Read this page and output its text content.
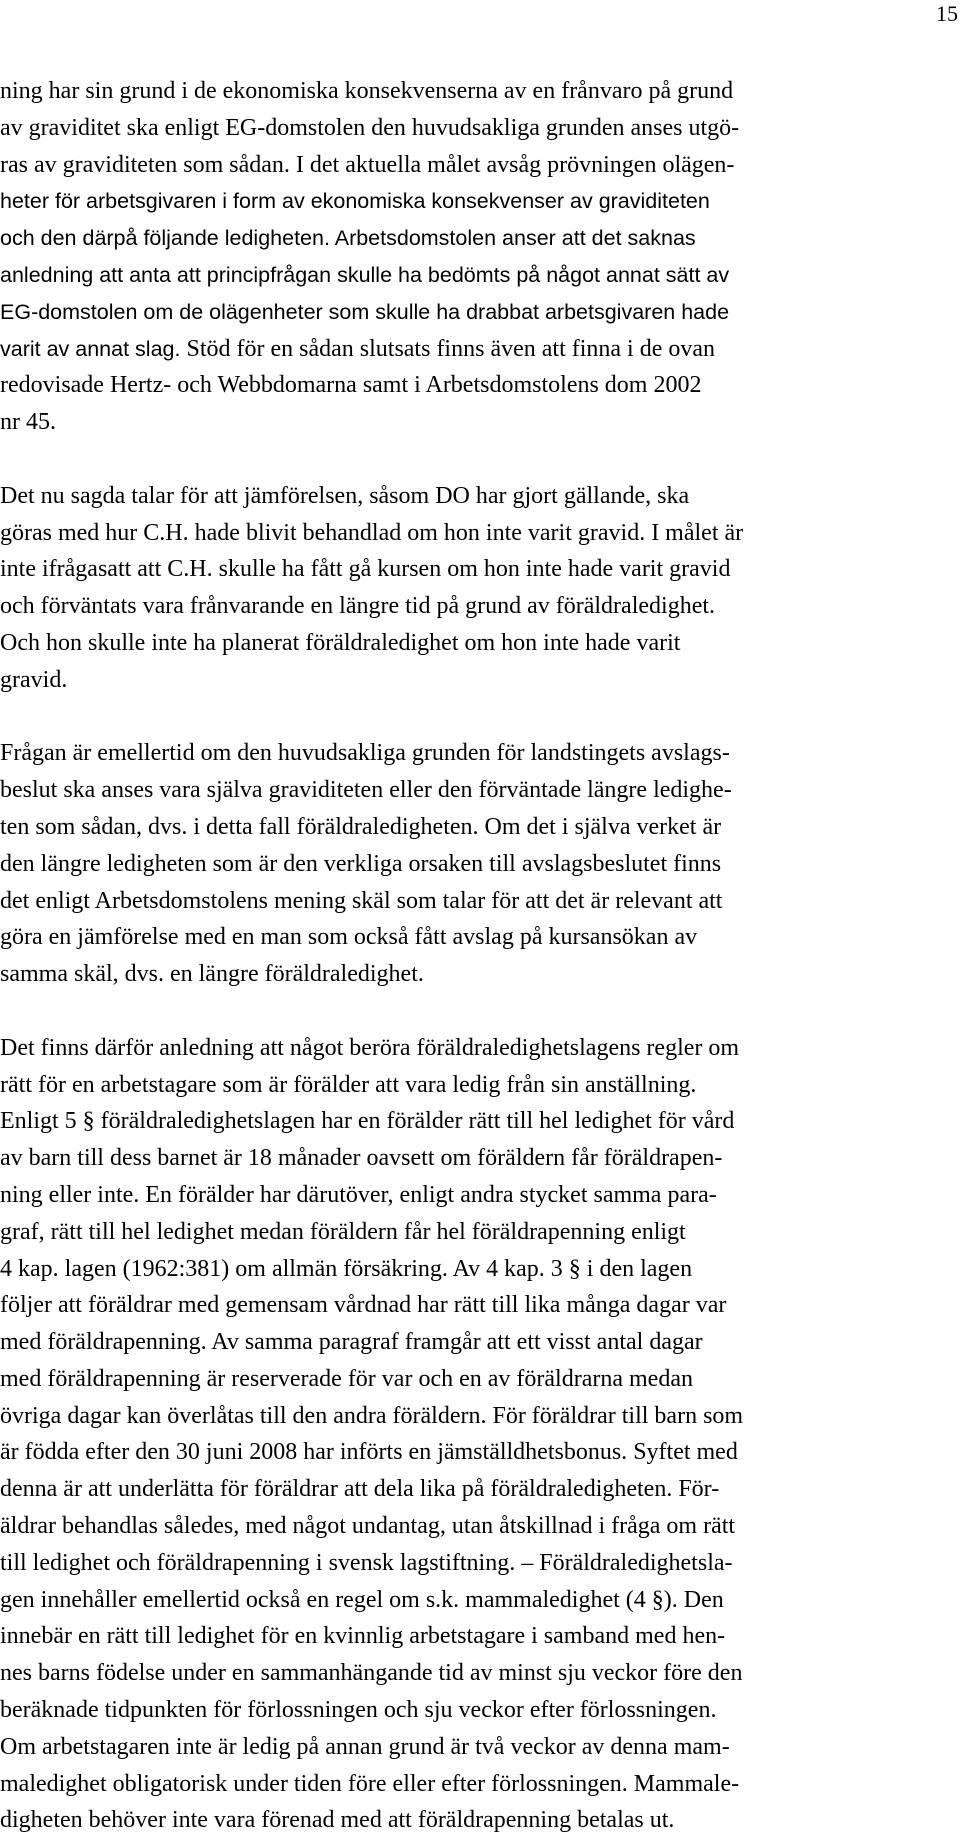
15
ning har sin grund i de ekonomiska konsekvenserna av en frånvaro på grund
av graviditet ska enligt EG-domstolen den huvudsakliga grunden anses utgö-
ras av graviditeten som sådan. I det aktuella målet avsåg prövningen olägen-
heter för arbetsgivaren i form av ekonomiska konsekvenser av graviditeten
och den därpå följande ledigheten. Arbetsdomstolen anser att det saknas
anledning att anta att principfrågan skulle ha bedömts på något annat sätt av
EG-domstolen om de olägenheter som skulle ha drabbat arbetsgivaren hade
varit av annat slag. Stöd för en sådan slutsats finns även att finna i de ovan
redovisade Hertz- och Webbdomarna samt i Arbetsdomstolens dom 2002
nr 45.
Det nu sagda talar för att jämförelsen, såsom DO har gjort gällande, ska
göras med hur C.H. hade blivit behandlad om hon inte varit gravid. I målet är
inte ifrågasatt att C.H. skulle ha fått gå kursen om hon inte hade varit gravid
och förväntats vara frånvarande en längre tid på grund av föräldraledighet.
Och hon skulle inte ha planerat föräldraledighet om hon inte hade varit
gravid.
Frågan är emellertid om den huvudsakliga grunden för landstingets avslags-
beslut ska anses vara själva graviditeten eller den förväntade längre ledighe-
ten som sådan, dvs. i detta fall föräldraledigheten. Om det i själva verket är
den längre ledigheten som är den verkliga orsaken till avslagsbeslutet finns
det enligt Arbetsdomstolens mening skäl som talar för att det är relevant att
göra en jämförelse med en man som också fått avslag på kursansökan av
samma skäl, dvs. en längre föräldraledighet.
Det finns därför anledning att något beröra föräldraledighetslagens regler om
rätt för en arbetstagare som är förälder att vara ledig från sin anställning.
Enligt 5 § föräldraledighetslagen har en förälder rätt till hel ledighet för vård
av barn till dess barnet är 18 månader oavsett om föräldern får föräldrapen-
ning eller inte. En förälder har därutöver, enligt andra stycket samma para-
graf, rätt till hel ledighet medan föräldern får hel föräldrapenning enligt
4 kap. lagen (1962:381) om allmän försäkring. Av 4 kap. 3 § i den lagen
följer att föräldrar med gemensam vårdnad har rätt till lika många dagar var
med föräldrapenning. Av samma paragraf framgår att ett visst antal dagar
med föräldrapenning är reserverade för var och en av föräldrarna medan
övriga dagar kan överlåtas till den andra föräldern. För föräldrar till barn som
är födda efter den 30 juni 2008 har införts en jämställdhetsbonus. Syftet med
denna är att underlätta för föräldrar att dela lika på föräldraledigheten. För-
äldrar behandlas således, med något undantag, utan åtskillnad i fråga om rätt
till ledighet och föräldrapenning i svensk lagstiftning. – Föräldraledighetsla-
gen innehåller emellertid också en regel om s.k. mammaledighet (4 §). Den
innebär en rätt till ledighet för en kvinnlig arbetstagare i samband med hen-
nes barns födelse under en sammanhängande tid av minst sju veckor före den
beräknade tidpunkten för förlossningen och sju veckor efter förlossningen.
Om arbetstagaren inte är ledig på annan grund är två veckor av denna mam-
maledighet obligatorisk under tiden före eller efter förlossningen. Mammale-
digheten behöver inte vara förenad med att föräldrapenning betalas ut.
